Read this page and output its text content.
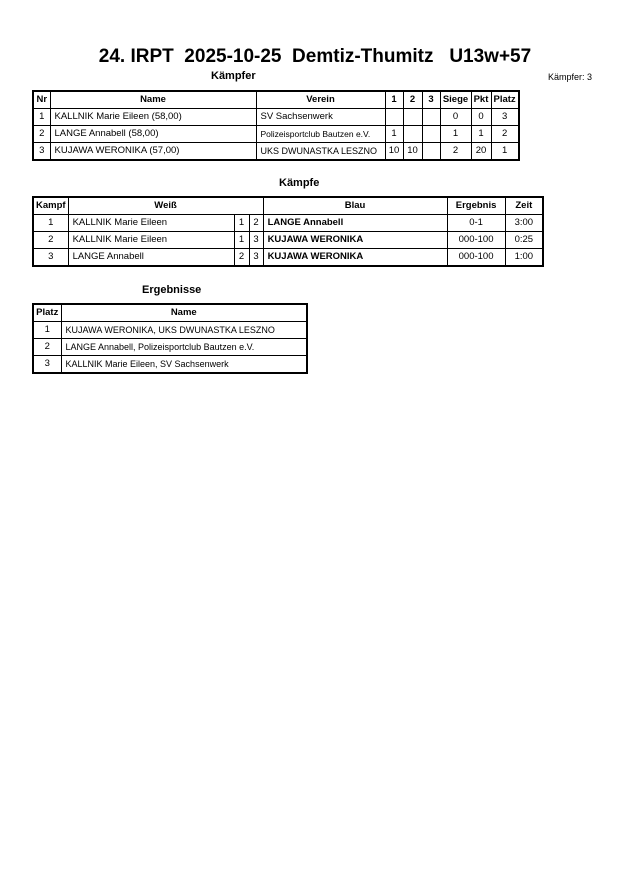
24. IRPT  2025-10-25  Demtiz-Thumitz   U13w+57
Kämpfer	Kämpfer: 3
Nr	Name	Verein	1	2	3	Siege	Pkt	Platz
1	KALLNIK Marie Eileen (58,00)	SV Sachsenwerk				0	0	3
2	LANGE Annabell (58,00)	Polizeisportclub Bautzen e.V.	1			1	1	2
3	KUJAWA WERONIKA (57,00)	UKS DWUNASTKA LESZNO	10	10		2	20	1
Kämpfe
Kampf	Weiß			Blau	Ergebnis	Zeit
1	KALLNIK Marie Eileen	1	2	LANGE Annabell	0-1	3:00
2	KALLNIK Marie Eileen	1	3	KUJAWA WERONIKA	000-100	0:25
3	LANGE Annabell	2	3	KUJAWA WERONIKA	000-100	1:00
Ergebnisse
Platz	Name
1	KUJAWA WERONIKA, UKS DWUNASTKA LESZNO
2	LANGE Annabell, Polizeisportclub Bautzen e.V.
3	KALLNIK Marie Eileen, SV Sachsenwerk
